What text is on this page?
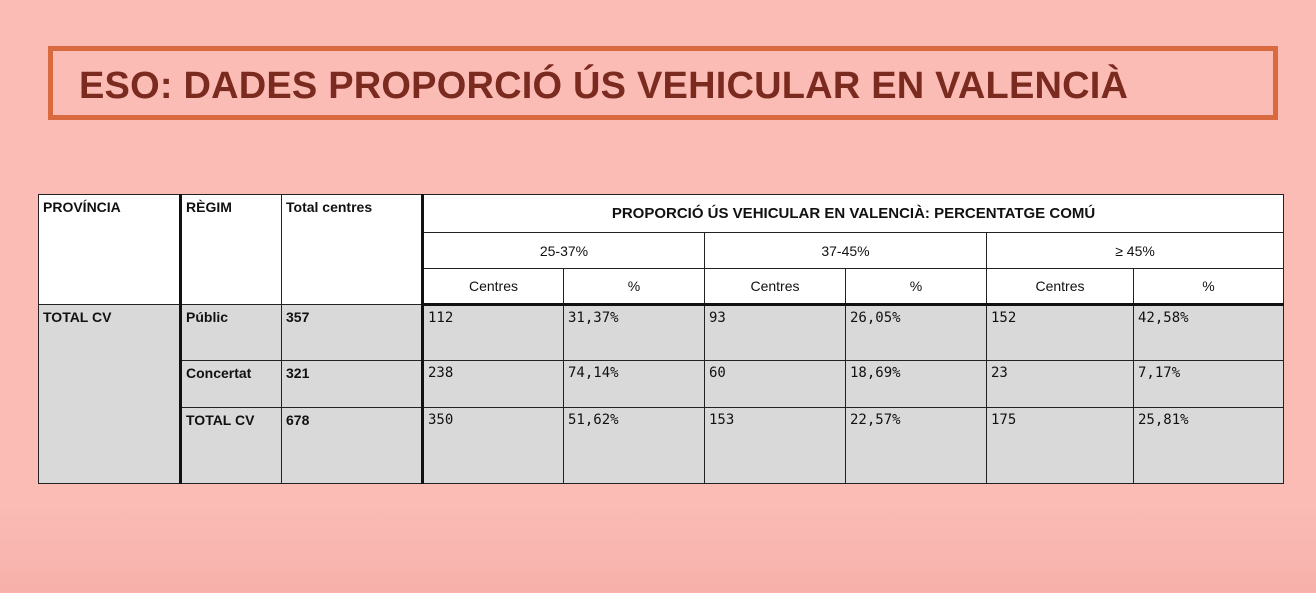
ESO: DADES PROPORCIÓ ÚS VEHICULAR EN VALENCIÀ
PROVÍNCIA	RÈGIM	Total centres	PROPORCIÓ ÚS VEHICULAR EN VALENCIÀ: PERCENTATGE COMÚ					
			25-37%		37-45%		≥ 45%	
			Centres	%	Centres	%	Centres	%
TOTAL CV	Públic	357	112	31,37%	93	26,05%	152	42,58%
	Concertat	321	238	74,14%	60	18,69%	23	7,17%
	TOTAL CV	678	350	51,62%	153	22,57%	175	25,81%
